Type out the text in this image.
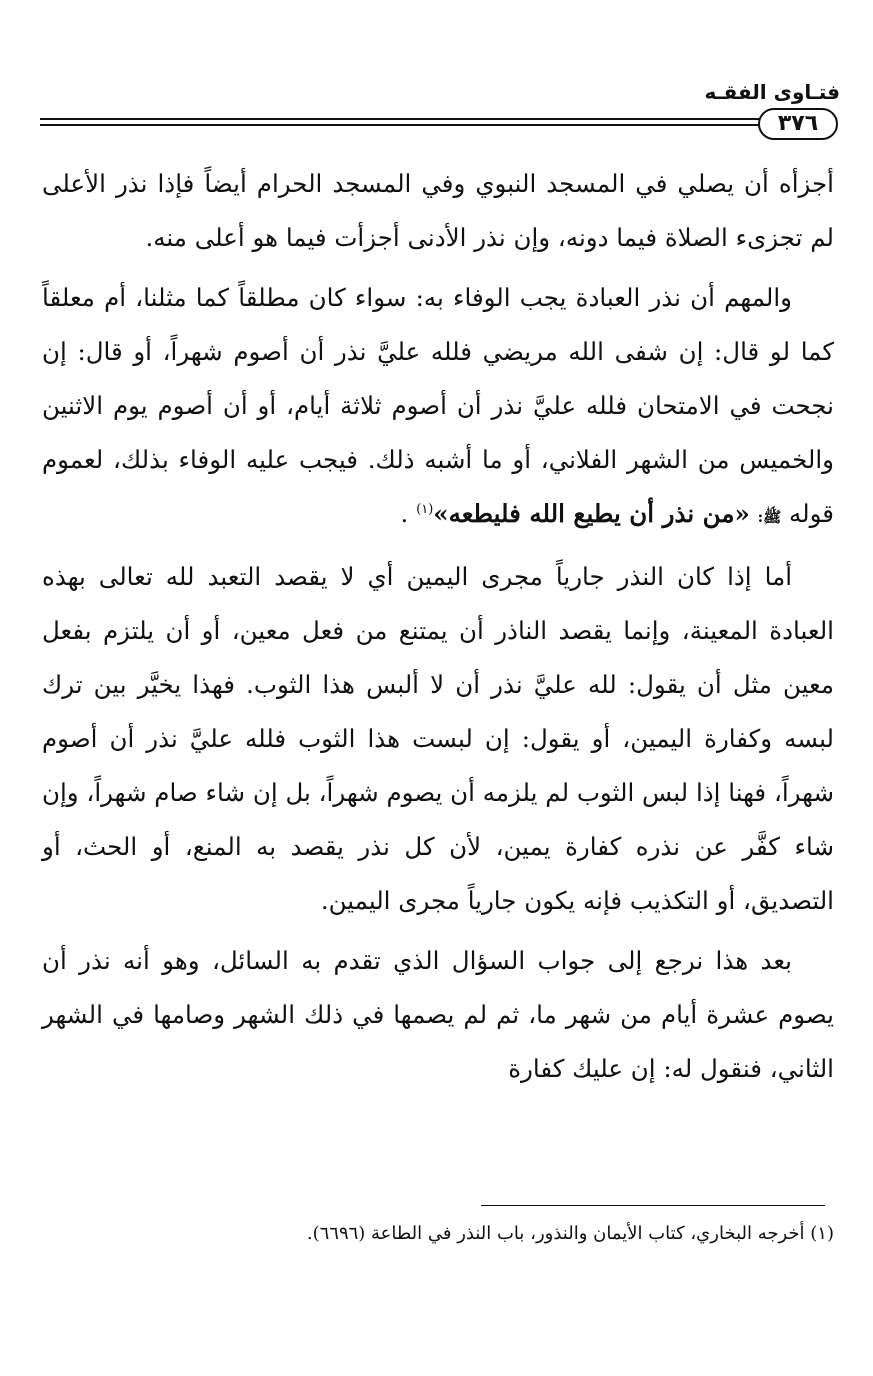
فتـاوى الفقـه
٣٧٦

أجزأه أن يصلي في المسجد النبوي وفي المسجد الحرام أيضاً فإذا نذر الأعلى لم تجزىء الصلاة فيما دونه، وإن نذر الأدنى أجزأت فيما هو أعلى منه.

والمهم أن نذر العبادة يجب الوفاء به: سواء كان مطلقاً كما مثلنا، أم معلقاً كما لو قال: إن شفى الله مريضي فلله عليَّ نذر أن أصوم شهراً، أو قال: إن نجحت في الامتحان فلله عليَّ نذر أن أصوم ثلاثة أيام، أو أن أصوم يوم الاثنين والخميس من الشهر الفلاني، أو ما أشبه ذلك. فيجب عليه الوفاء بذلك، لعموم قوله ﷺ: «من نذر أن يطيع الله فليطعه»$^{(١)}$ .

أما إذا كان النذر جارياً مجرى اليمين أي لا يقصد التعبد لله تعالى بهذه العبادة المعينة، وإنما يقصد الناذر أن يمتنع من فعل معين، أو أن يلتزم بفعل معين مثل أن يقول: لله عليَّ نذر أن لا ألبس هذا الثوب. فهذا يخيَّر بين ترك لبسه وكفارة اليمين، أو يقول: إن لبست هذا الثوب فلله عليَّ نذر أن أصوم شهراً، فهنا إذا لبس الثوب لم يلزمه أن يصوم شهراً، بل إن شاء صام شهراً، وإن شاء كفَّر عن نذره كفارة يمين، لأن كل نذر يقصد به المنع، أو الحث، أو التصديق، أو التكذيب فإنه يكون جارياً مجرى اليمين.

بعد هذا نرجع إلى جواب السؤال الذي تقدم به السائل، وهو أنه نذر أن يصوم عشرة أيام من شهر ما، ثم لم يصمها في ذلك الشهر وصامها في الشهر الثاني، فنقول له: إن عليك كفارة

(١) أخرجه البخاري، كتاب الأيمان والنذور، باب النذر في الطاعة (٦٦٩٦).
